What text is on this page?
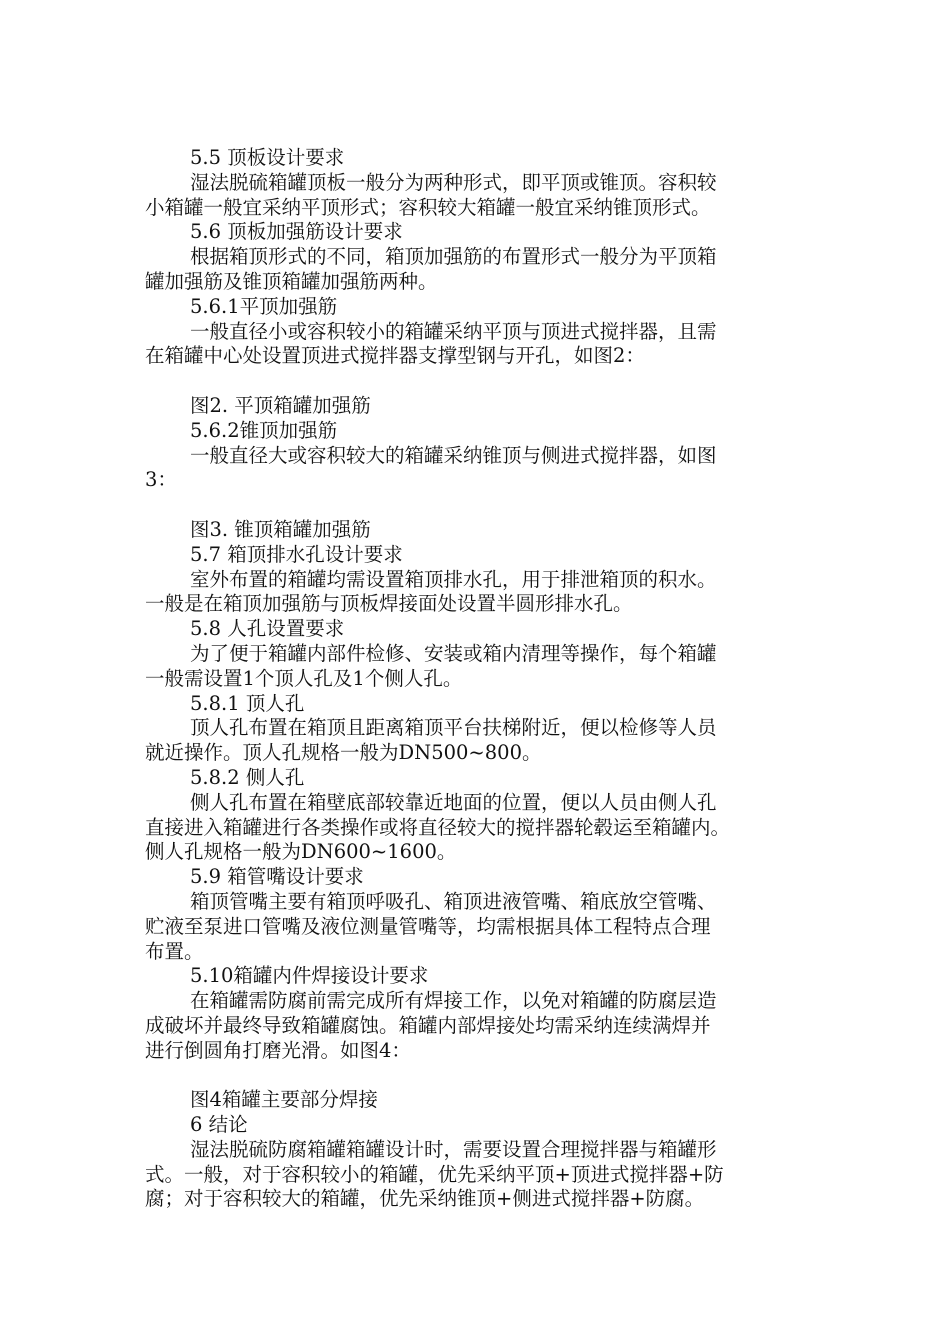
5.5 顶板设计要求
湿法脱硫箱罐顶板一般分为两种形式，即平顶或锥顶。容积较
小箱罐一般宜采纳平顶形式；容积较大箱罐一般宜采纳锥顶形式。
5.6 顶板加强筋设计要求
根据箱顶形式的不同，箱顶加强筋的布置形式一般分为平顶箱
罐加强筋及锥顶箱罐加强筋两种。
5.6.1平顶加强筋
一般直径小或容积较小的箱罐采纳平顶与顶进式搅拌器，且需
在箱罐中心处设置顶进式搅拌器支撑型钢与开孔，如图2：
图2. 平顶箱罐加强筋
5.6.2锥顶加强筋
一般直径大或容积较大的箱罐采纳锥顶与侧进式搅拌器，如图
3：
图3. 锥顶箱罐加强筋
5.7 箱顶排水孔设计要求
室外布置的箱罐均需设置箱顶排水孔，用于排泄箱顶的积水。
一般是在箱顶加强筋与顶板焊接面处设置半圆形排水孔。
5.8 人孔设置要求
为了便于箱罐内部件检修、安装或箱内清理等操作，每个箱罐
一般需设置1个顶人孔及1个侧人孔。
5.8.1 顶人孔
顶人孔布置在箱顶且距离箱顶平台扶梯附近，便以检修等人员
就近操作。顶人孔规格一般为DN500~800。
5.8.2 侧人孔
侧人孔布置在箱壁底部较靠近地面的位置，便以人员由侧人孔
直接进入箱罐进行各类操作或将直径较大的搅拌器轮毂运至箱罐内。
侧人孔规格一般为DN600~1600。
5.9 箱管嘴设计要求
箱顶管嘴主要有箱顶呼吸孔、箱顶进液管嘴、箱底放空管嘴、
贮液至泵进口管嘴及液位测量管嘴等，均需根据具体工程特点合理
布置。
5.10箱罐内件焊接设计要求
在箱罐需防腐前需完成所有焊接工作，以免对箱罐的防腐层造
成破坏并最终导致箱罐腐蚀。箱罐内部焊接处均需采纳连续满焊并
进行倒圆角打磨光滑。如图4：
图4箱罐主要部分焊接
6 结论
湿法脱硫防腐箱罐箱罐设计时，需要设置合理搅拌器与箱罐形
式。一般，对于容积较小的箱罐，优先采纳平顶+顶进式搅拌器+防
腐；对于容积较大的箱罐，优先采纳锥顶+侧进式搅拌器+防腐。
